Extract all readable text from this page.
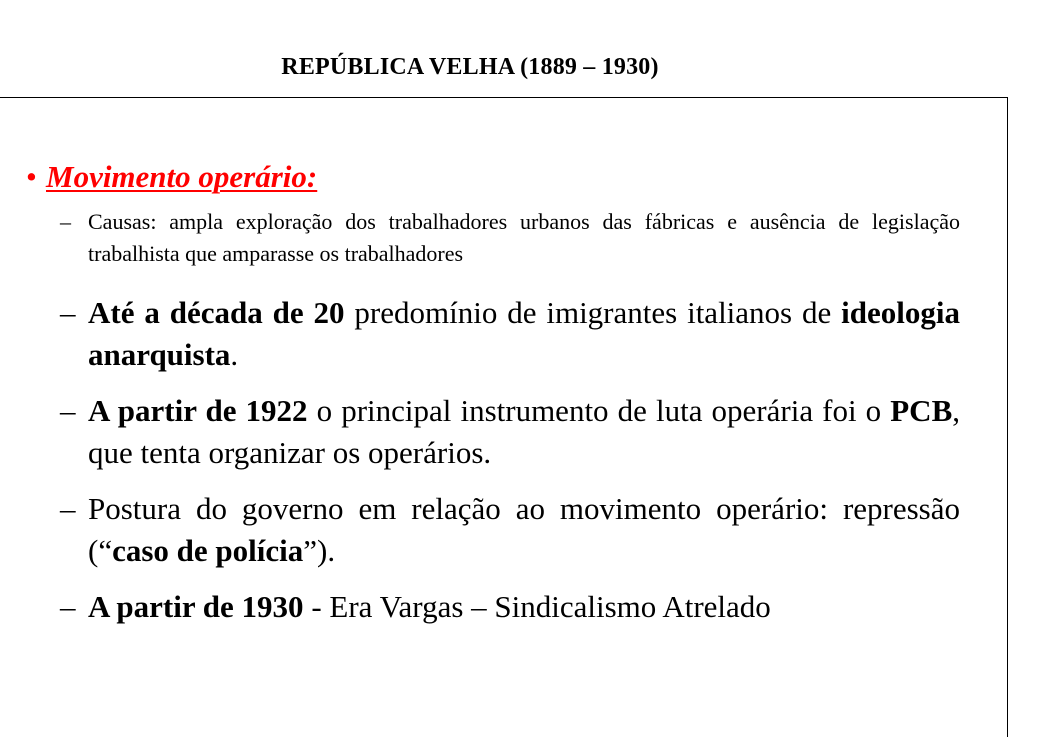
REPÚBLICA VELHA (1889 – 1930)
• Movimento operário:
– Causas: ampla exploração dos trabalhadores urbanos das fábricas e ausência de legislação trabalhista que amparasse os trabalhadores
– Até a década de 20 predomínio de imigrantes italianos de ideologia anarquista.
– A partir de 1922 o principal instrumento de luta operária foi o PCB, que tenta organizar os operários.
– Postura do governo em relação ao movimento operário: repressão (“caso de polícia”).
– A partir de 1930 - Era Vargas – Sindicalismo Atrelado
